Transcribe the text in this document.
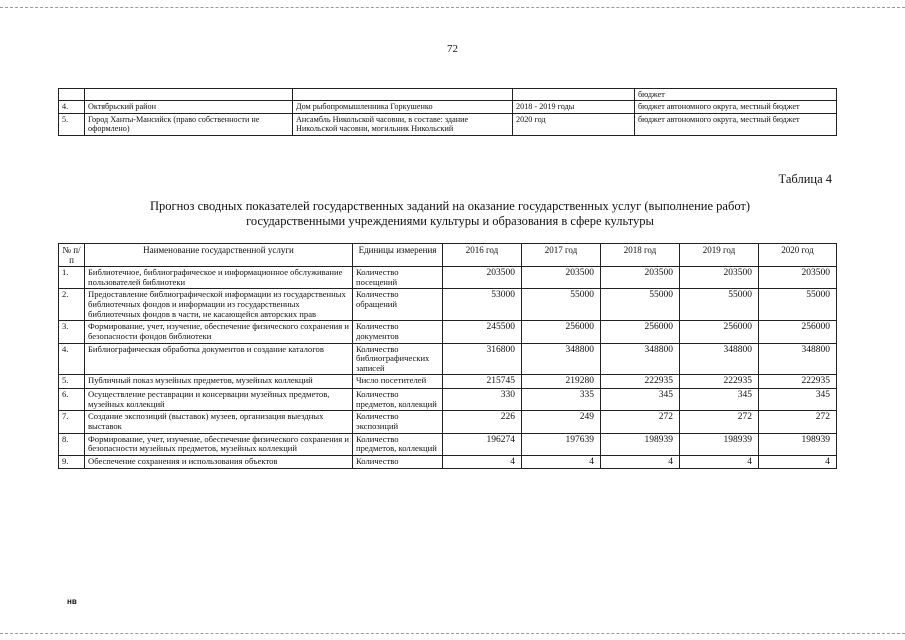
72
				бюджет
4.	Октябрьский район	Дом рыбопромышленника Горкушенко	2018 - 2019 годы	бюджет автономного округа, местный бюджет
5.	Город Ханты-Мансийск (право собственности не оформлено)	Ансамбль Никольской часовни, в составе: здание Никольской часовни, могильник Никольский	2020 год	бюджет автономного округа, местный бюджет
Таблица 4
Прогноз сводных показателей государственных заданий на оказание государственных услуг (выполнение работ)
государственными учреждениями культуры и образования в сфере культуры
№ п/п	Наименование государственной услуги	Единицы измерения	2016 год	2017 год	2018 год	2019 год	2020 год
1.	Библиотечное, библиографическое и информационное обслуживание пользователей библиотеки	Количество посещений	203500	203500	203500	203500	203500
2.	Предоставление библиографической информации из государственных библиотечных фондов и информации из государственных библиотечных фондов в части, не касающейся авторских прав	Количество обращений	53000	55000	55000	55000	55000
3.	Формирование, учет, изучение, обеспечение физического сохранения и безопасности фондов библиотеки	Количество документов	245500	256000	256000	256000	256000
4.	Библиографическая обработка документов и создание каталогов	Количество библиографических записей	316800	348800	348800	348800	348800
5.	Публичный показ музейных предметов, музейных коллекций	Число посетителей	215745	219280	222935	222935	222935
6.	Осуществление реставрации и консервации музейных предметов, музейных коллекций	Количество предметов, коллекций	330	335	345	345	345
7.	Создание экспозиций (выставок) музеев, организация выездных выставок	Количество экспозиций	226	249	272	272	272
8.	Формирование, учет, изучение, обеспечение физического сохранения и безопасности музейных предметов, музейных коллекций	Количество предметов, коллекций	196274	197639	198939	198939	198939
9.	Обеспечение сохранения и использования объектов	Количество	4	4	4	4	4
нв
